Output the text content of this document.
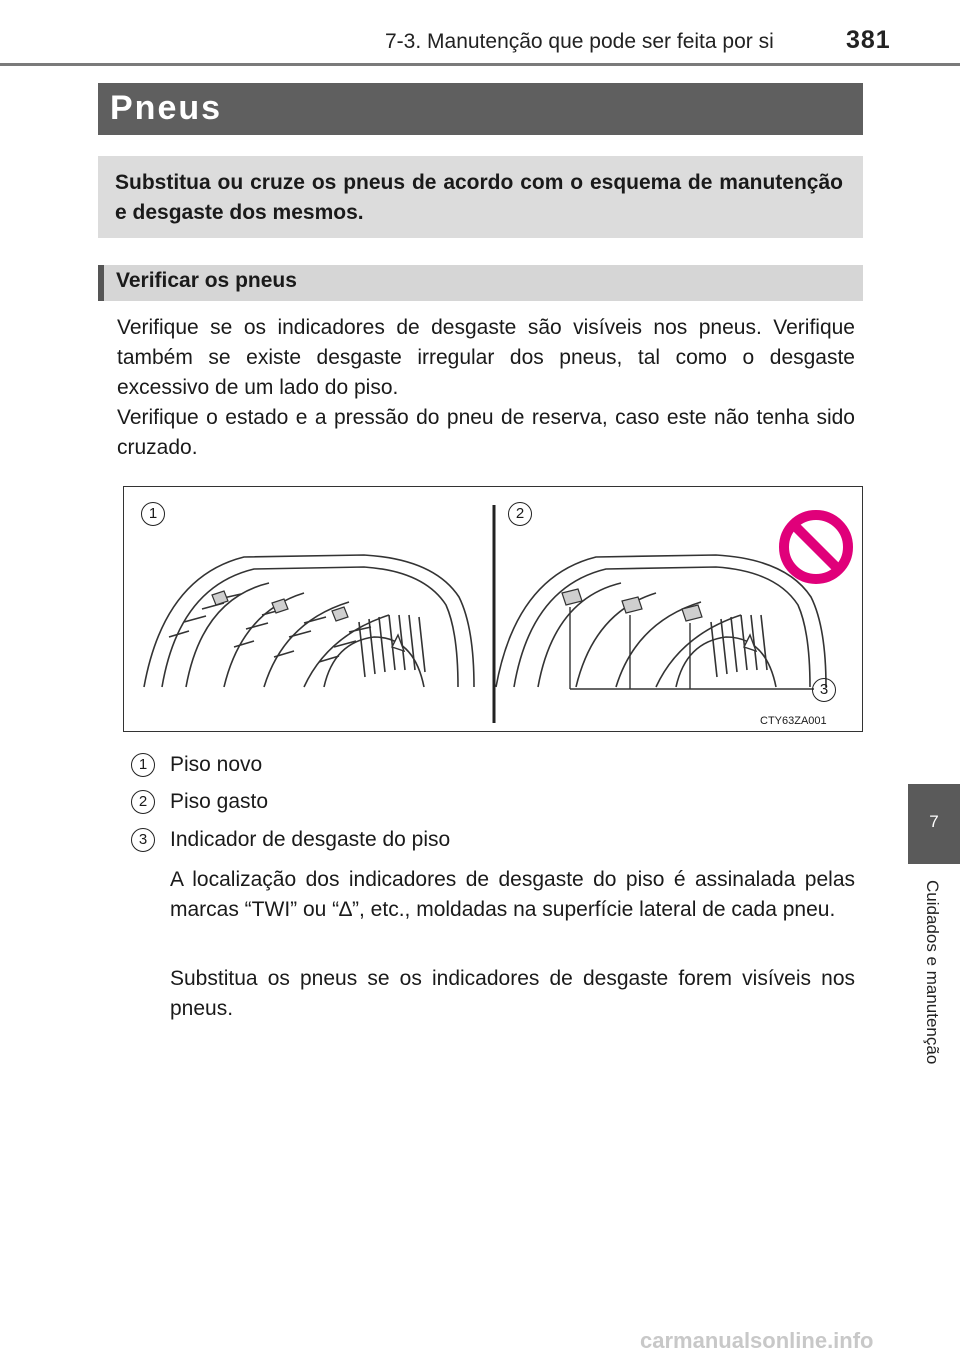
7-3. Manutenção que pode ser feita por si	381
Pneus

Substitua ou cruze os pneus de acordo com o esquema de manutenção e desgaste dos mesmos.

Verificar os pneus

Verifique se os indicadores de desgaste são visíveis nos pneus. Verifique também se existe desgaste irregular dos pneus, tal como o desgaste excessivo de um lado do piso.

Verifique o estado e a pressão do pneu de reserva, caso este não tenha sido cruzado.

1	2
3
CTY63ZA001
1	Piso novo
2	Piso gasto
3	Indicador de desgaste do piso

A localização dos indicadores de desgaste do piso é assinalada pelas marcas “TWI” ou “∆”, etc., moldadas na superfície lateral de cada pneu.

Substitua os pneus se os indicadores de desgaste forem visíveis nos pneus.

7
Cuidados e manutenção
carmanualsonline.info
